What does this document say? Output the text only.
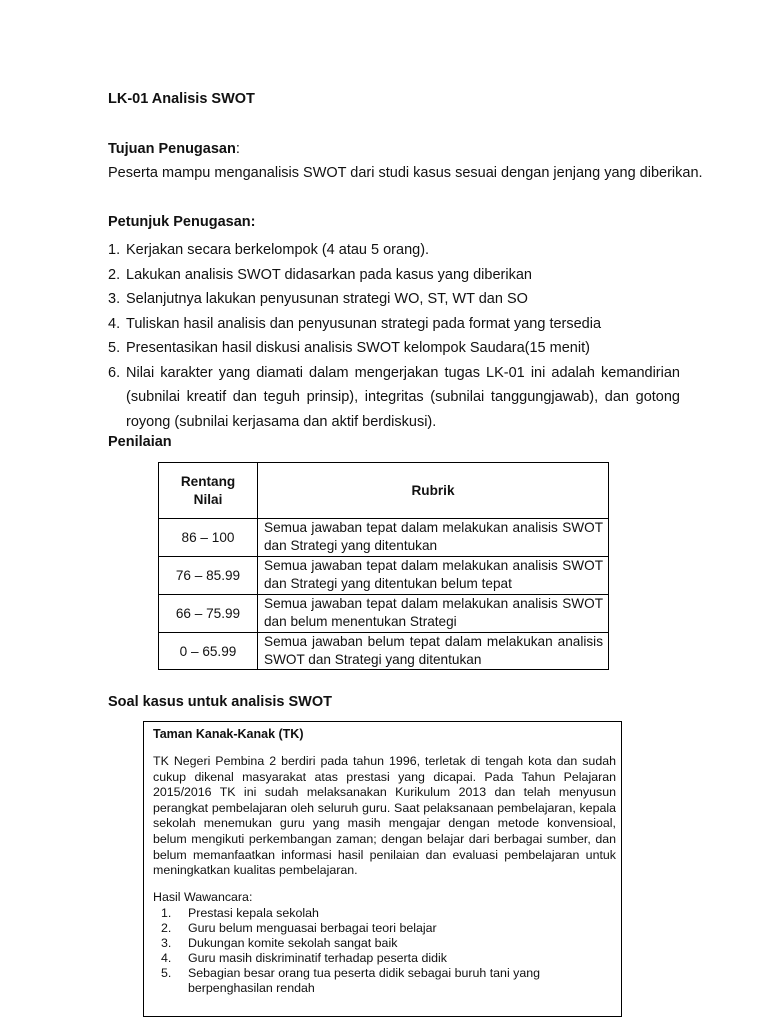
LK-01 Analisis SWOT
Tujuan Penugasan:
Peserta mampu menganalisis SWOT dari studi kasus sesuai dengan jenjang yang diberikan.
Petunjuk Penugasan:
1. Kerjakan secara berkelompok (4 atau 5 orang).
2. Lakukan analisis SWOT didasarkan pada kasus yang diberikan
3. Selanjutnya lakukan penyusunan strategi WO, ST, WT dan SO
4. Tuliskan hasil analisis dan penyusunan strategi pada format yang tersedia
5. Presentasikan hasil diskusi analisis SWOT kelompok Saudara(15 menit)
6. Nilai karakter yang diamati dalam mengerjakan tugas LK-01 ini adalah kemandirian (subnilai kreatif dan teguh prinsip), integritas (subnilai tanggungjawab), dan gotong royong (subnilai kerjasama dan aktif berdiskusi).
Penilaian
Rentang
Nilai	Rubrik
86 – 100	Semua jawaban tepat dalam melakukan analisis SWOT dan Strategi yang ditentukan
76 – 85.99	Semua jawaban tepat dalam melakukan analisis SWOT dan Strategi yang ditentukan belum tepat
66 – 75.99	Semua jawaban tepat dalam melakukan analisis SWOT dan belum menentukan Strategi
0 – 65.99	Semua jawaban belum tepat dalam melakukan analisis SWOT dan Strategi yang ditentukan
Soal kasus untuk analisis SWOT
Taman Kanak-Kanak (TK)

TK Negeri Pembina 2 berdiri pada tahun 1996, terletak di tengah kota dan sudah cukup dikenal masyarakat atas prestasi yang dicapai. Pada Tahun Pelajaran 2015/2016 TK ini sudah melaksanakan Kurikulum 2013 dan telah menyusun perangkat pembelajaran oleh seluruh guru. Saat pelaksanaan pembelajaran, kepala sekolah menemukan guru yang masih mengajar dengan metode konvensioal, belum mengikuti perkembangan zaman; dengan belajar dari berbagai sumber, dan belum memanfaatkan informasi hasil penilaian dan evaluasi pembelajaran untuk meningkatkan kualitas pembelajaran.

Hasil Wawancara:
1. Prestasi kepala sekolah
2. Guru belum menguasai berbagai teori belajar
3. Dukungan komite sekolah sangat baik
4. Guru masih diskriminatif terhadap peserta didik
5. Sebagian besar orang tua peserta didik sebagai buruh tani yang berpenghasilan rendah
